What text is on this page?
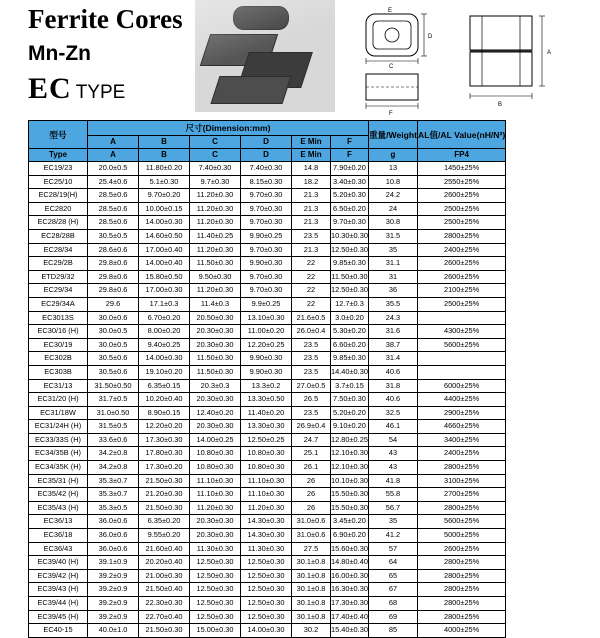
Ferrite Cores
Mn-Zn
EC TYPE
C
D
E
F
A
B
型号	尺寸(Dimension:mm)						重量/Weight	AL值/AL Value(nH/N²)
	A	B	C	D	E Min	F		
Type	A	B	C	D	E Min	F	g	FP4
EC19/23	20.0±0.5	11.80±0.20	7.40±0.30	7.40±0.30	14.8	7.90±0.20	13	1450±25%
EC25/10	25.4±0.6	5.1±0.30	9.7±0.30	8.15±0.30	18.2	3.40±0.30	10.8	2550±25%
EC28/19(H)	28.5±0.6	9.70±0.20	11.20±0.30	9.70±0.30	21.3	5.20±0.30	24.2	2600±25%
EC2820	28.5±0.6	10.00±0.15	11.20±0.30	9.70±0.30	21.3	6.50±0.20	24	2500±25%
EC28/28 (H)	28.5±0.6	14.00±0.30	11.20±0.30	9.70±0.30	21.3	9.70±0.30	30.8	2500±25%
EC28/28B	30.5±0.5	14.60±0.50	11.40±0.25	9.90±0.25	23.5	10.30±0.30	31.5	2800±25%
EC28/34	28.6±0.6	17.00±0.40	11.20±0.30	9.70±0.30	21.3	12.50±0.30	35	2400±25%
EC29/2B	29.8±0.6	14.00±0.40	11.50±0.30	9.90±0.30	22	9.85±0.30	31.1	2600±25%
ETD29/32	29.8±0.6	15.80±0.50	9.50±0.30	9.70±0.30	22	11.50±0.30	31	2600±25%
EC29/34	29.8±0.6	17.00±0.30	11.20±0.30	9.70±0.30	22	12.50±0.30	36	2100±25%
EC29/34A	29.6	17.1±0.3	11.4±0.3	9.9±0.25	22	12.7±0.3	35.5	2500±25%
EC3013S	30.0±0.6	6.70±0.20	20.50±0.30	13.10±0.30	21.6±0.5	3.0±0.20	24.3	
EC30/16 (H)	30.0±0.5	8.00±0.20	20.30±0.30	11.00±0.20	26.0±0.4	5.30±0.20	31.6	4300±25%
EC30/19	30.0±0.5	9.40±0.25	20.30±0.30	12.20±0.25	23.5	6.60±0.20	38.7	5600±25%
EC302B	30.5±0.6	14.00±0.30	11.50±0.30	9.90±0.30	23.5	9.85±0.30	31.4	
EC303B	30.5±0.6	19.10±0.20	11.50±0.30	9.90±0.30	23.5	14.40±0.30	40.6	
EC31/13	31.50±0.50	6.35±0.15	20.3±0.3	13.3±0.2	27.0±0.5	3.7±0.15	31.8	6000±25%
EC31/20 (H)	31.7±0.5	10.20±0.40	20.30±0.30	13.30±0.50	26.5	7.50±0.30	40.6	4400±25%
EC31/18W	31.0±0.50	8.90±0.15	12.40±0.20	11.40±0.20	23.5	5.20±0.20	32.5	2900±25%
EC31/24H (H)	31.5±0.5	12.20±0.20	20.30±0.30	13.30±0.30	26.9±0.4	9.10±0.20	46.1	4660±25%
EC33/33S (H)	33.6±0.6	17.30±0.30	14.00±0.25	12.50±0.25	24.7	12.80±0.25	54	3400±25%
EC34/35B (H)	34.2±0.8	17.80±0.30	10.80±0.30	10.80±0.30	25.1	12.10±0.30	43	2400±25%
EC34/35K (H)	34.2±0.8	17.30±0.20	10.80±0.30	10.80±0.30	26.1	12.10±0.30	43	2800±25%
EC35/31 (H)	35.3±0.7	21.50±0.30	11.10±0.30	11.10±0.30	26	10.10±0.30	41.8	3100±25%
EC35/42 (H)	35.3±0.7	21.20±0.30	11.10±0.30	11.10±0.30	26	15.50±0.30	55.8	2700±25%
EC35/43 (H)	35.3±0.5	21.50±0.30	11.20±0.30	11.20±0.30	26	15.50±0.30	56.7	2800±25%
EC36/13	36.0±0.6	6.35±0.20	20.30±0.30	14.30±0.30	31.0±0.6	3.45±0.20	35	5600±25%
EC36/18	36.0±0.6	9.55±0.20	20.30±0.30	14.30±0.30	31.0±0.6	6.90±0.20	41.2	5000±25%
EC36/43	36.0±0.6	21.60±0.40	11.30±0.30	11.30±0.30	27.5	15.60±0.30	57	2600±25%
EC39/40 (H)	39.1±0.9	20.20±0.40	12.50±0.30	12.50±0.30	30.1±0.8	14.80±0.40	64	2800±25%
EC39/42 (H)	39.2±0.9	21.00±0.30	12.50±0.30	12.50±0.30	30.1±0.8	16.00±0.30	65	2800±25%
EC39/43 (H)	39.2±0.9	21.50±0.40	12.50±0.30	12.50±0.30	30.1±0.8	16.30±0.30	67	2800±25%
EC39/44 (H)	39.2±0.9	22.30±0.30	12.50±0.30	12.50±0.30	30.1±0.8	17.30±0.30	68	2800±25%
EC39/45 (H)	39.2±0.9	22.70±0.40	12.50±0.30	12.50±0.30	30.1±0.8	17.40±0.40	69	2800±25%
EC40-15	40.0±1.0	21.50±0.30	15.00±0.30	14.00±0.30	30.2	15.40±0.30	85	4000±25%
